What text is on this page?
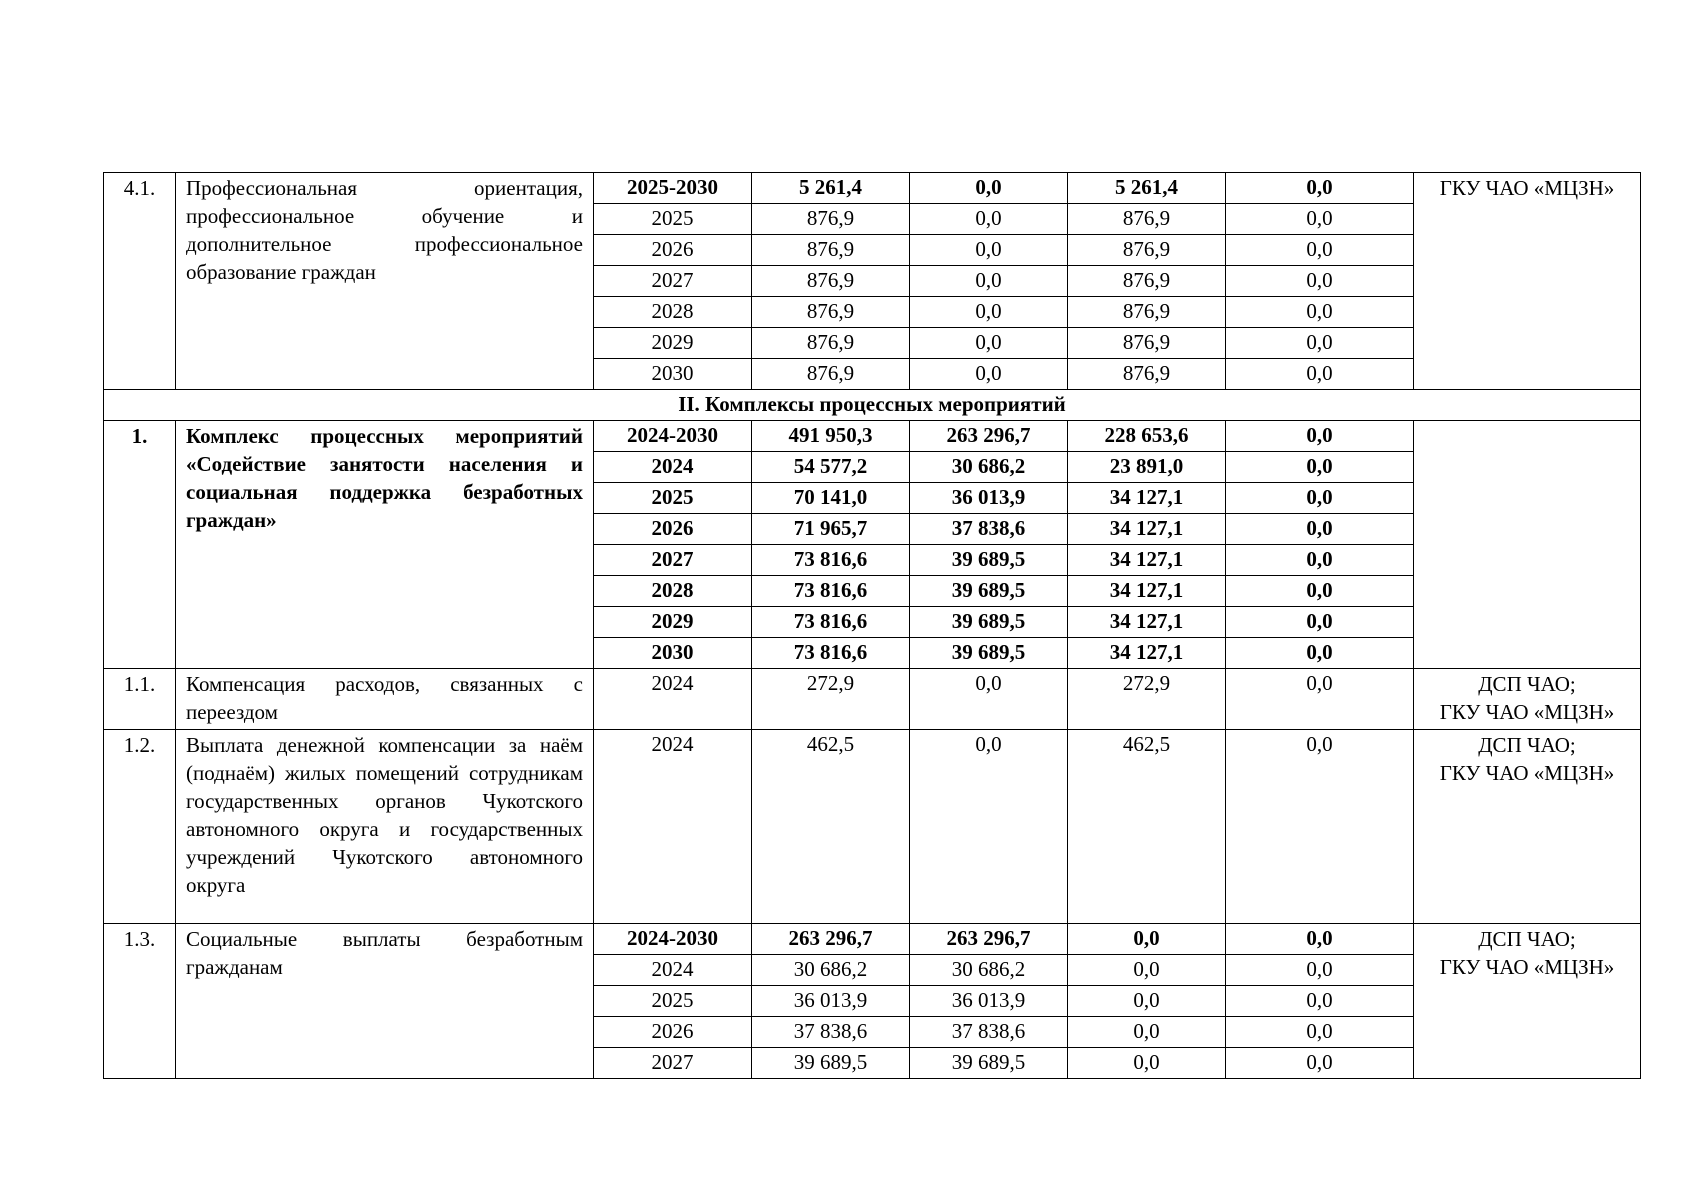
4.1.	Профессиональная ориентация, профессиональное обучение и дополнительное профессиональное образование граждан	2025-2030	5 261,4	0,0	5 261,4	0,0	ГКУ ЧАО «МЦЗН»
		2025	876,9	0,0	876,9	0,0	
		2026	876,9	0,0	876,9	0,0	
		2027	876,9	0,0	876,9	0,0	
		2028	876,9	0,0	876,9	0,0	
		2029	876,9	0,0	876,9	0,0	
		2030	876,9	0,0	876,9	0,0	
II. Комплексы процессных мероприятий							
1.	Комплекс процессных мероприятий «Содействие занятости населения и социальная поддержка безработных граждан»	2024-2030	491 950,3	263 296,7	228 653,6	0,0	
		2024	54 577,2	30 686,2	23 891,0	0,0	
		2025	70 141,0	36 013,9	34 127,1	0,0	
		2026	71 965,7	37 838,6	34 127,1	0,0	
		2027	73 816,6	39 689,5	34 127,1	0,0	
		2028	73 816,6	39 689,5	34 127,1	0,0	
		2029	73 816,6	39 689,5	34 127,1	0,0	
		2030	73 816,6	39 689,5	34 127,1	0,0	
1.1.	Компенсация расходов, связанных с переездом	2024	272,9	0,0	272,9	0,0	ДСП ЧАО;
ГКУ ЧАО «МЦЗН»
1.2.	Выплата денежной компенсации за наём (поднаём) жилых помещений сотрудникам государственных органов Чукотского автономного округа и государственных учреждений Чукотского автономного округа	2024	462,5	0,0	462,5	0,0	ДСП ЧАО;
ГКУ ЧАО «МЦЗН»
1.3.	Социальные выплаты безработным гражданам	2024-2030	263 296,7	263 296,7	0,0	0,0	ДСП ЧАО;
ГКУ ЧАО «МЦЗН»
		2024	30 686,2	30 686,2	0,0	0,0	
		2025	36 013,9	36 013,9	0,0	0,0	
		2026	37 838,6	37 838,6	0,0	0,0	
		2027	39 689,5	39 689,5	0,0	0,0	
